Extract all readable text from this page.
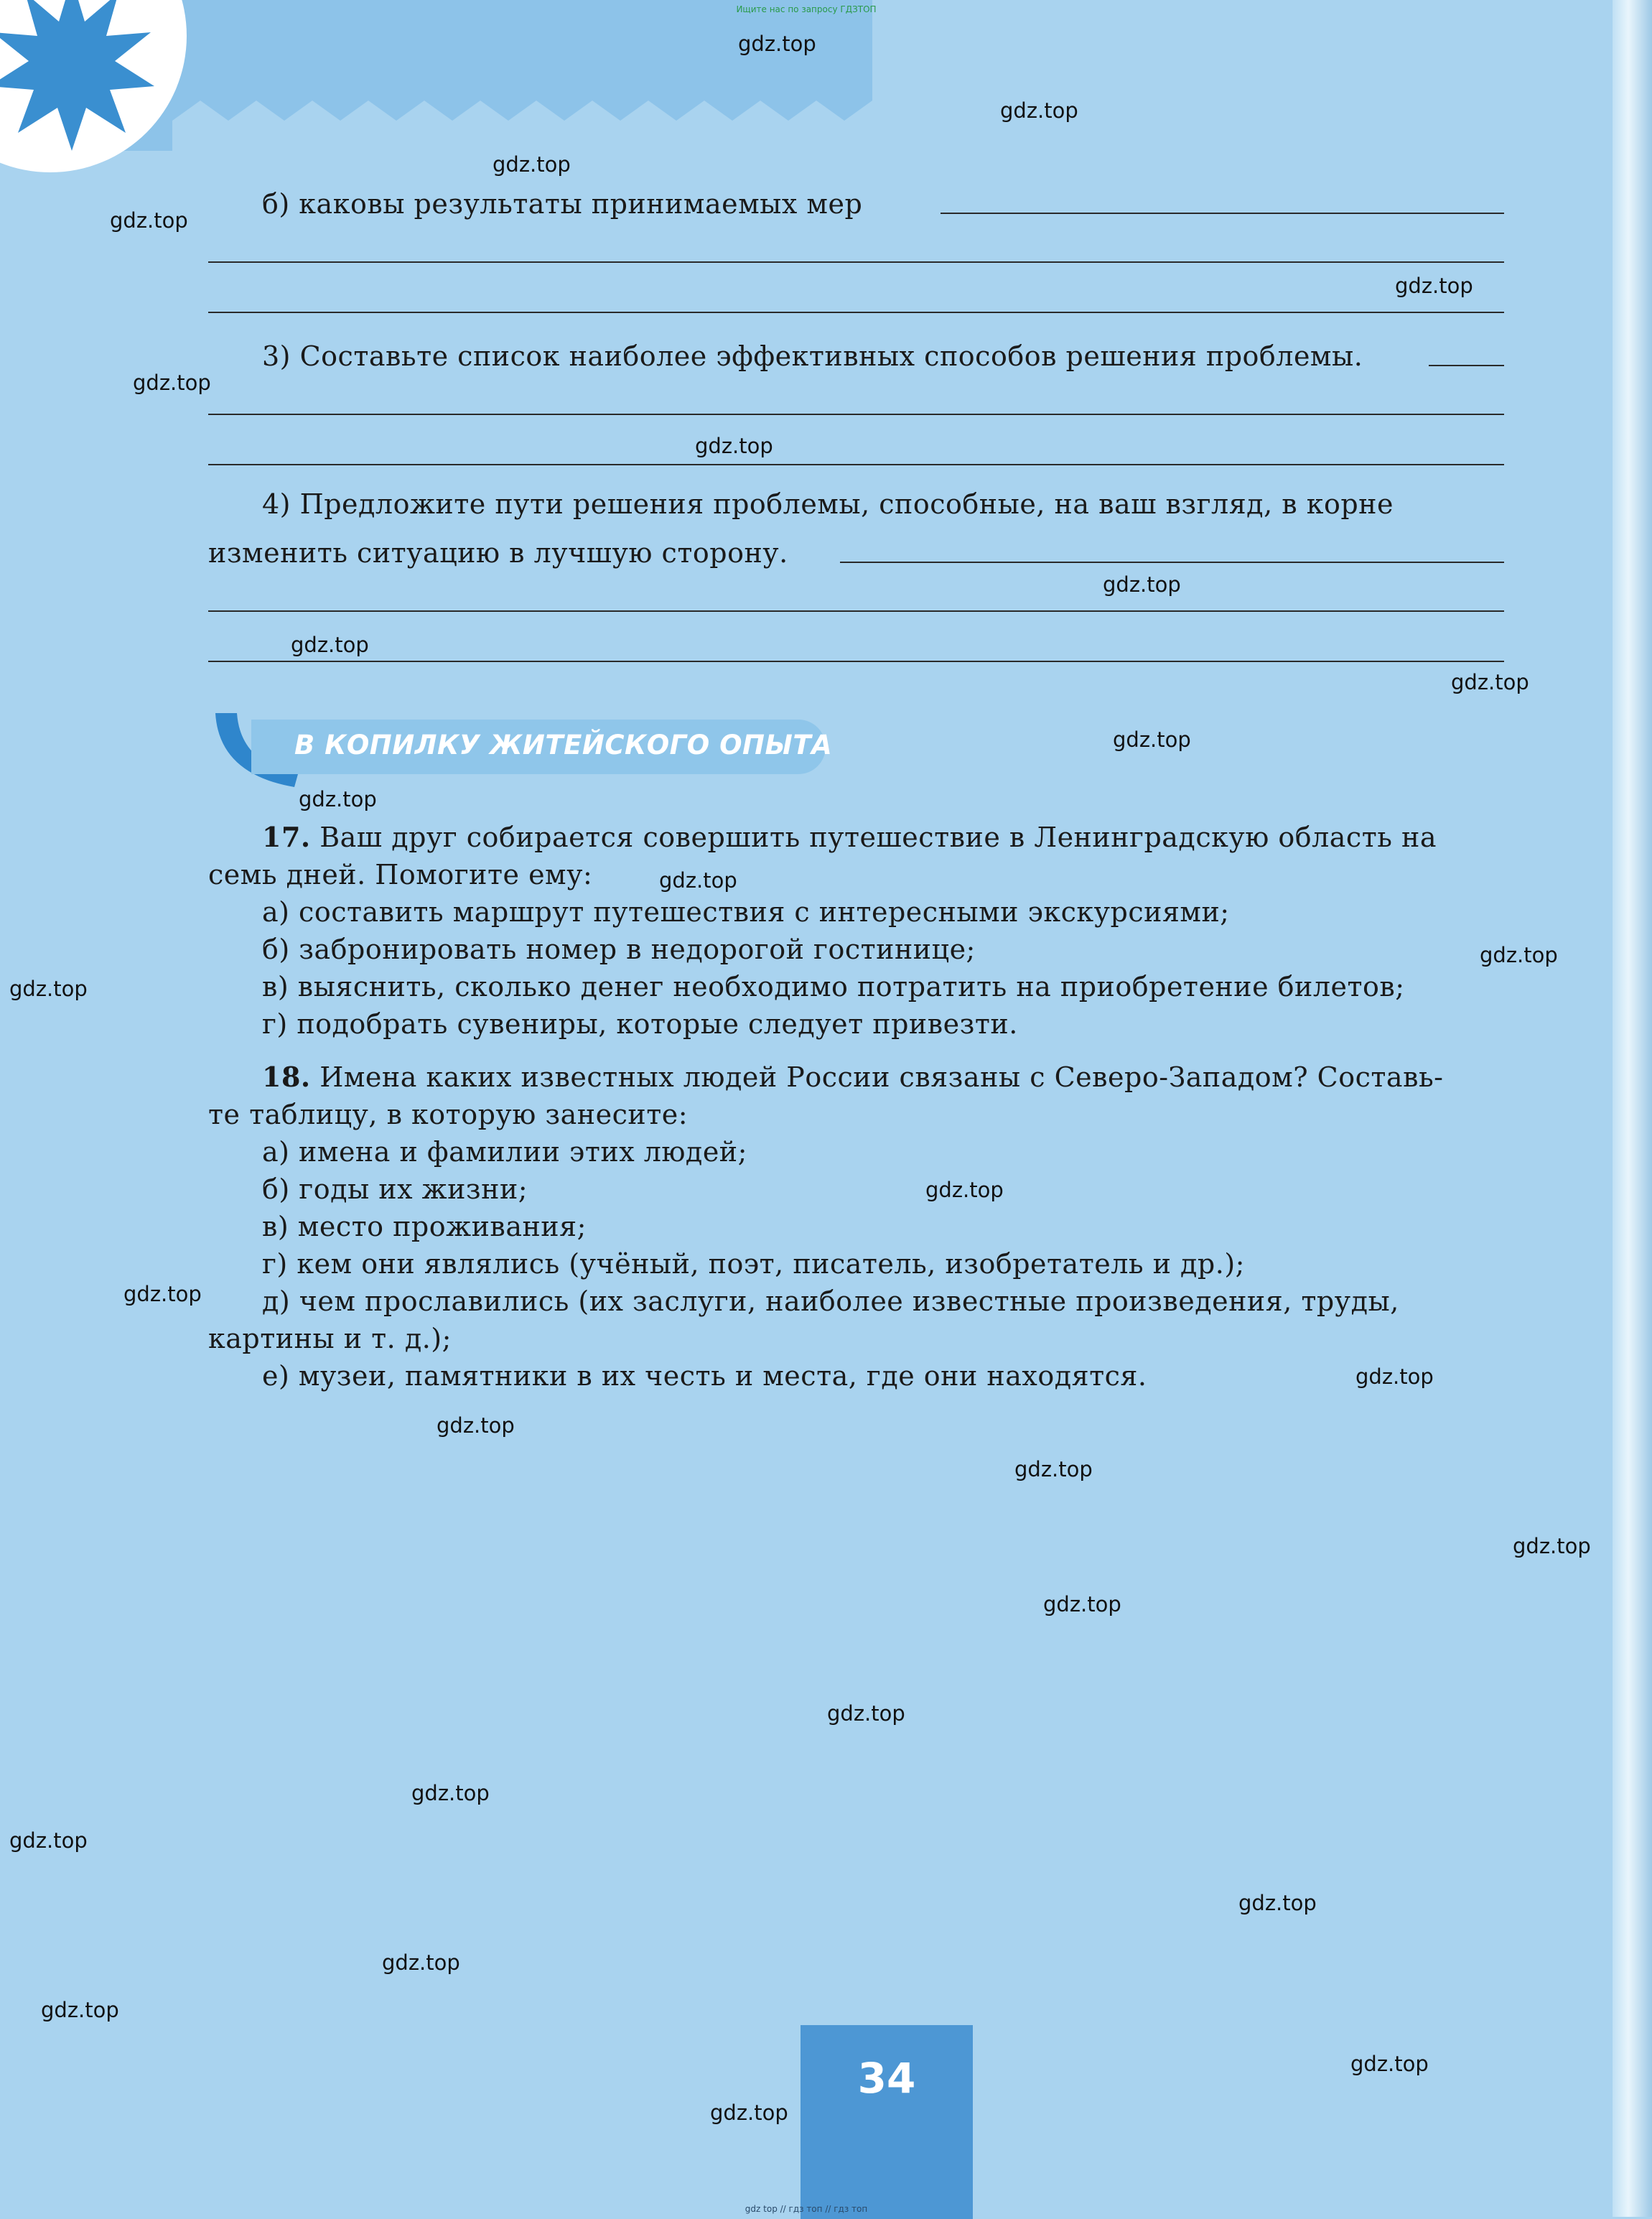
Ищите нас по запросу ГДЗТОП
б) каковы результаты принимаемых мер
3) Составьте список наиболее эффективных способов решения проблемы.
4) Предложите пути решения проблемы, способные, на ваш взгляд, в корне
изменить ситуацию в лучшую сторону.
В КОПИЛКУ ЖИТЕЙСКОГО ОПЫТА
17. Ваш друг собирается совершить путешествие в Ленинградскую область на
семь дней. Помогите ему:
а) составить маршрут путешествия с интересными экскурсиями;
б) забронировать номер в недорогой гостинице;
в) выяснить, сколько денег необходимо потратить на приобретение билетов;
г) подобрать сувениры, которые следует привезти.
18. Имена каких известных людей России связаны с Северо-Западом? Составь-
те таблицу, в которую занесите:
а) имена и фамилии этих людей;
б) годы их жизни;
в) место проживания;
г) кем они являлись (учёный, поэт, писатель, изобретатель и др.);
д) чем прославились (их заслуги, наиболее известные произведения, труды,
картины и т. д.);
е) музеи, памятники в их честь и места, где они находятся.
34
gdz top // гдз топ // гдз топ
gdz.top
gdz.top
gdz.top
gdz.top
gdz.top
gdz.top
gdz.top
gdz.top
gdz.top
gdz.top
gdz.top
gdz.top
gdz.top
gdz.top
gdz.top
gdz.top
gdz.top
gdz.top
gdz.top
gdz.top
gdz.top
gdz.top
gdz.top
gdz.top
gdz.top
gdz.top
gdz.top
gdz.top
gdz.top
gdz.top
